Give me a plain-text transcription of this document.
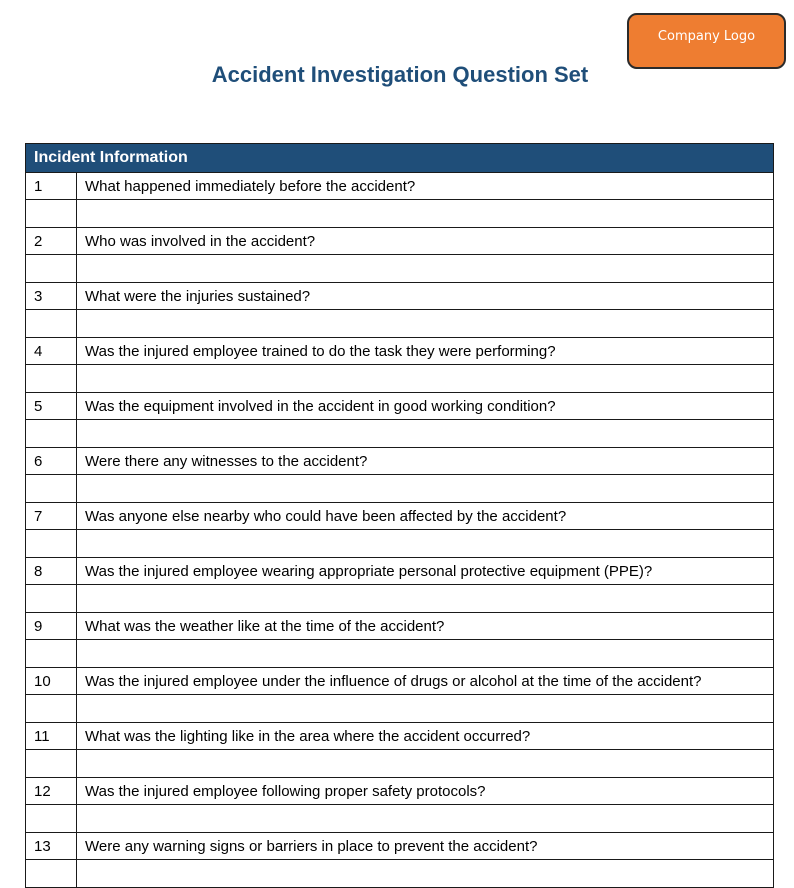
Company Logo
Accident Investigation Question Set
Incident Information	
1	What happened immediately before the accident?

2	Who was involved in the accident?

3	What were the injuries sustained?

4	Was the injured employee trained to do the task they were performing?

5	Was the equipment involved in the accident in good working condition?

6	Were there any witnesses to the accident?

7	Was anyone else nearby who could have been affected by the accident?

8	Was the injured employee wearing appropriate personal protective equipment (PPE)?

9	What was the weather like at the time of the accident?

10	Was the injured employee under the influence of drugs or alcohol at the time of the accident?

11	What was the lighting like in the area where the accident occurred?

12	Was the injured employee following proper safety protocols?

13	Were any warning signs or barriers in place to prevent the accident?
